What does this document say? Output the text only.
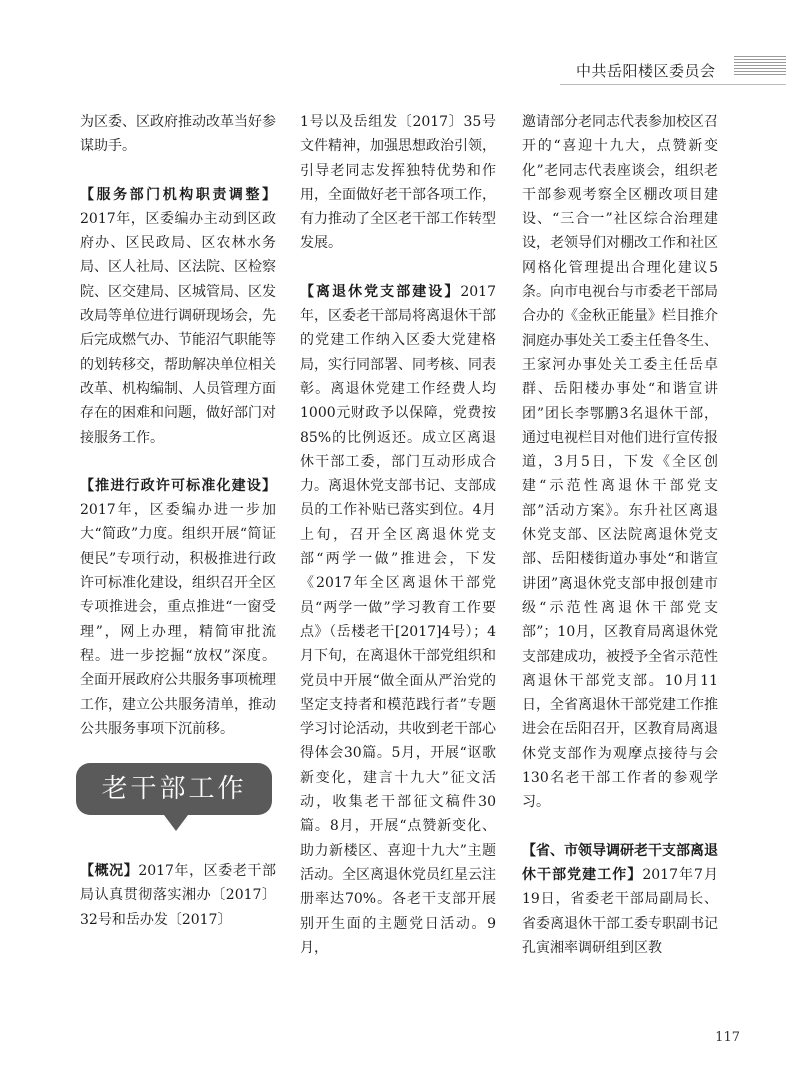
中共岳阳楼区委员会

为区委、区政府推动改革当好参谋助手。

【服务部门机构职责调整】2017年，区委编办主动到区政府办、区民政局、区农林水务局、区人社局、区法院、区检察院、区交建局、区城管局、区发改局等单位进行调研现场会，先后完成燃气办、节能沼气职能等的划转移交，帮助解决单位相关改革、机构编制、人员管理方面存在的困难和问题，做好部门对接服务工作。

【推进行政许可标准化建设】2017年，区委编办进一步加大“简政”力度。组织开展“简证便民”专项行动，积极推进行政许可标准化建设，组织召开全区专项推进会，重点推进“一窗受理”，网上办理，精简审批流程。进一步挖掘“放权”深度。全面开展政府公共服务事项梳理工作，建立公共服务清单，推动公共服务事项下沉前移。

老干部工作

【概况】2017年，区委老干部局认真贯彻落实湘办〔2017〕32号和岳办发〔2017〕

1号以及岳组发〔2017〕35号文件精神，加强思想政治引领，引导老同志发挥独特优势和作用，全面做好老干部各项工作，有力推动了全区老干部工作转型发展。

【离退休党支部建设】2017年，区委老干部局将离退休干部的党建工作纳入区委大党建格局，实行同部署、同考核、同表彰。离退休党建工作经费人均1000元财政予以保障，党费按85%的比例返还。成立区离退休干部工委，部门互动形成合力。离退休党支部书记、支部成员的工作补贴已落实到位。4月上旬，召开全区离退休党支部“两学一做”推进会，下发《2017年全区离退休干部党员“两学一做”学习教育工作要点》（岳楼老干[2017]4号）；4月下旬，在离退休干部党组织和党员中开展“做全面从严治党的坚定支持者和模范践行者”专题学习讨论活动，共收到老干部心得体会30篇。5月，开展“讴歌新变化，建言十九大”征文活动，收集老干部征文稿件30篇。8月，开展“点赞新变化、助力新楼区、喜迎十九大”主题活动。全区离退休党员红星云注册率达70%。各老干支部开展别开生面的主题党日活动。9月，

邀请部分老同志代表参加校区召开的“喜迎十九大，点赞新变化”老同志代表座谈会，组织老干部参观考察全区棚改项目建设、“三合一”社区综合治理建设，老领导们对棚改工作和社区网格化管理提出合理化建议5条。向市电视台与市委老干部局合办的《金秋正能量》栏目推介洞庭办事处关工委主任鲁冬生、王家河办事处关工委主任岳卓群、岳阳楼办事处“和谐宣讲团”团长李鄂鹏3名退休干部，通过电视栏目对他们进行宣传报道，3月5日，下发《全区创建“示范性离退休干部党支部”活动方案》。东升社区离退休党支部、区法院离退休党支部、岳阳楼街道办事处“和谐宣讲团”离退休党支部申报创建市级“示范性离退休干部党支部”；10月，区教育局离退休党支部建成功，被授予全省示范性离退休干部党支部。10月11日，全省离退休干部党建工作推进会在岳阳召开，区教育局离退休党支部作为观摩点接待与会130名老干部工作者的参观学习。

【省、市领导调研老干支部离退休干部党建工作】2017年7月19日，省委老干部局副局长、省委离退休干部工委专职副书记孔寅湘率调研组到区教

117
